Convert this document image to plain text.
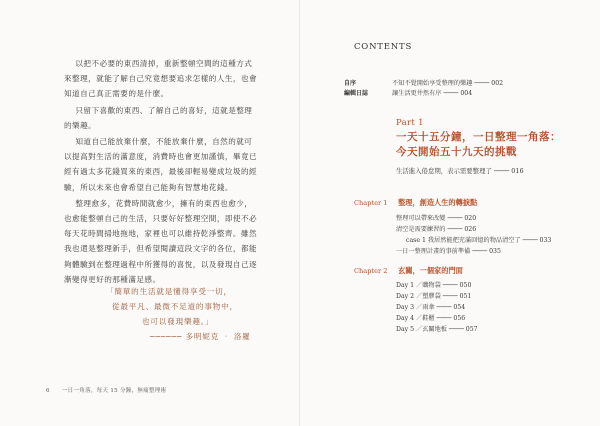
以把不必要的東西清掉，重新整頓空間的這種方式來整理，就能了解自己究竟想要追求怎樣的人生，也會知道自己真正需要的是什麼。

只留下喜歡的東西、了解自己的喜好，這就是整理的樂趣。

知道自己能放棄什麼，不能放棄什麼，自然的就可以提高對生活的滿意度，消費時也會更加謹慎，畢竟已經有過太多花錢買來的東西，最後卻輕易變成垃圾的經驗，所以未來也會希望自己能夠有智慧地花錢。

整理愈多，花費時間就愈少，擁有的東西也愈少，也愈能整頓自己的生活，只要好好整理空間，即使不必每天花時間掃地拖地，家裡也可以維持乾淨整齊。雖然我也還是整理新手，但希望閱讀這段文字的各位，都能夠體驗到在整理過程中所獲得的喜悅，以及發現自己逐漸變得更好的那種滿足感。

「簡單的生活就是懂得享受一切，
從最平凡、最微不足道的事物中，
也可以發現樂趣。」
────── 多明妮克 ‧ 洛羅
6 一日一角落，每天 15 分鐘，無痛整理術
CONTENTS
自序	不知不覺開始享受整理的樂趣 ──── 002
編輯日誌	讓生活更井然有序 ──── 004
Part 1
一天十五分鐘，一日整理一角落：
今天開始五十九天的挑戰
生活進入倦怠期，表示需要整理了 ──── 016
Chapter 1 整理，創造人生的轉捩點
整理可以帶來改變 ──── 020
清空是需要練習的 ──── 026
case 1 我居然能把充滿回憶的物品清空了 ──── 033
一日一整理計畫的事前準備 ──── 035
Chapter 2 玄關，一個家的門面
Day 1 ／購物袋 ──── 050
Day 2 ／塑膠袋 ──── 051
Day 3 ／雨傘 ──── 054
Day 4 ／鞋櫃 ──── 056
Day 5 ／玄關地板 ──── 057
